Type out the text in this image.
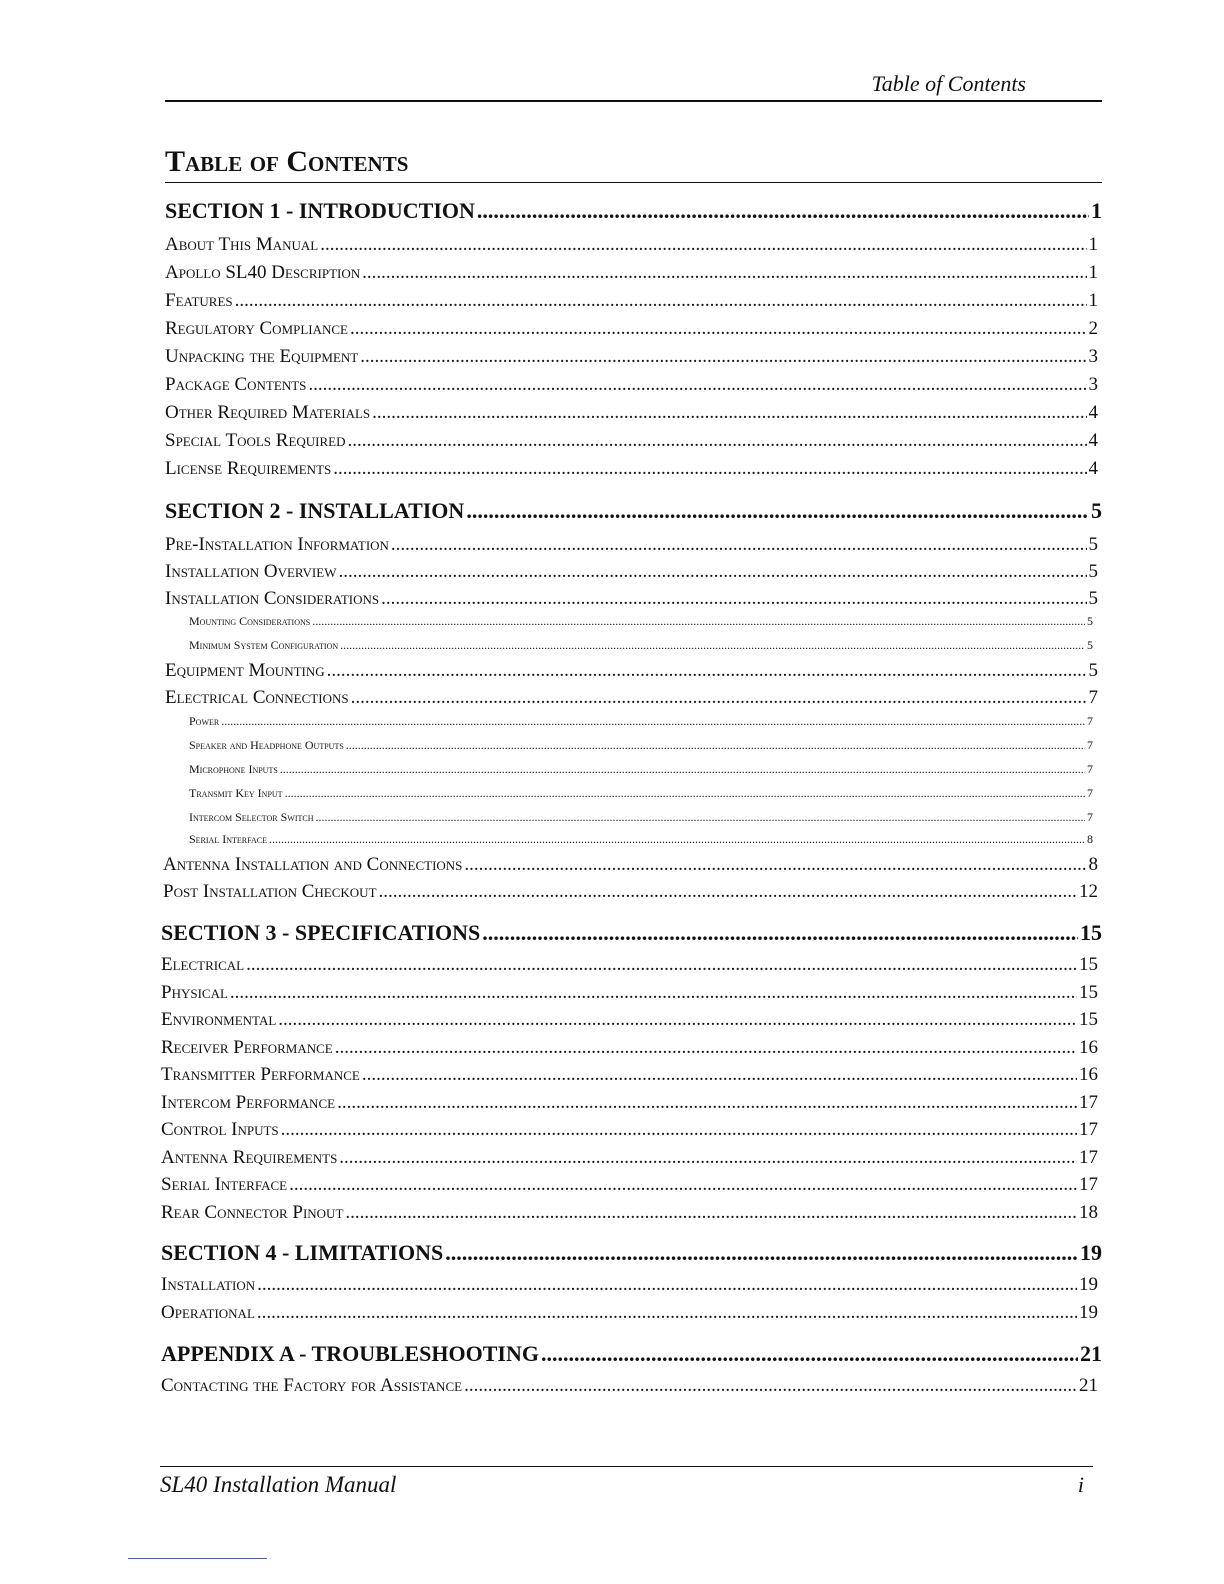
Table of Contents
Table of Contents
SECTION 1 - INTRODUCTION .....	1
About This Manual .....	1
Apollo SL40 Description .....	1
Features .....	1
Regulatory Compliance .....	2
Unpacking the Equipment .....	3
Package Contents .....	3
Other Required Materials .....	4
Special Tools Required .....	4
License Requirements .....	4
SECTION 2 - INSTALLATION .....	5
Pre-Installation Information .....	5
Installation Overview .....	5
Installation Considerations .....	5
Mounting Considerations .....	5
Minimum System Configuration .....	5
Equipment Mounting .....	5
Electrical Connections .....	7
Power .....	7
Speaker and Headphone Outputs .....	7
Microphone Inputs .....	7
Transmit Key Input .....	7
Intercom Selector Switch .....	7
Serial Interface .....	8
Antenna Installation and Connections .....	8
Post Installation Checkout .....	12
SECTION 3 - SPECIFICATIONS .....	15
Electrical .....	15
Physical .....	15
Environmental .....	15
Receiver Performance .....	16
Transmitter Performance .....	16
Intercom Performance .....	17
Control Inputs .....	17
Antenna Requirements .....	17
Serial Interface .....	17
Rear Connector Pinout .....	18
SECTION 4 - LIMITATIONS .....	19
Installation .....	19
Operational .....	19
APPENDIX A - TROUBLESHOOTING .....	21
Contacting the Factory for Assistance .....	21
SL40 Installation Manual	i
